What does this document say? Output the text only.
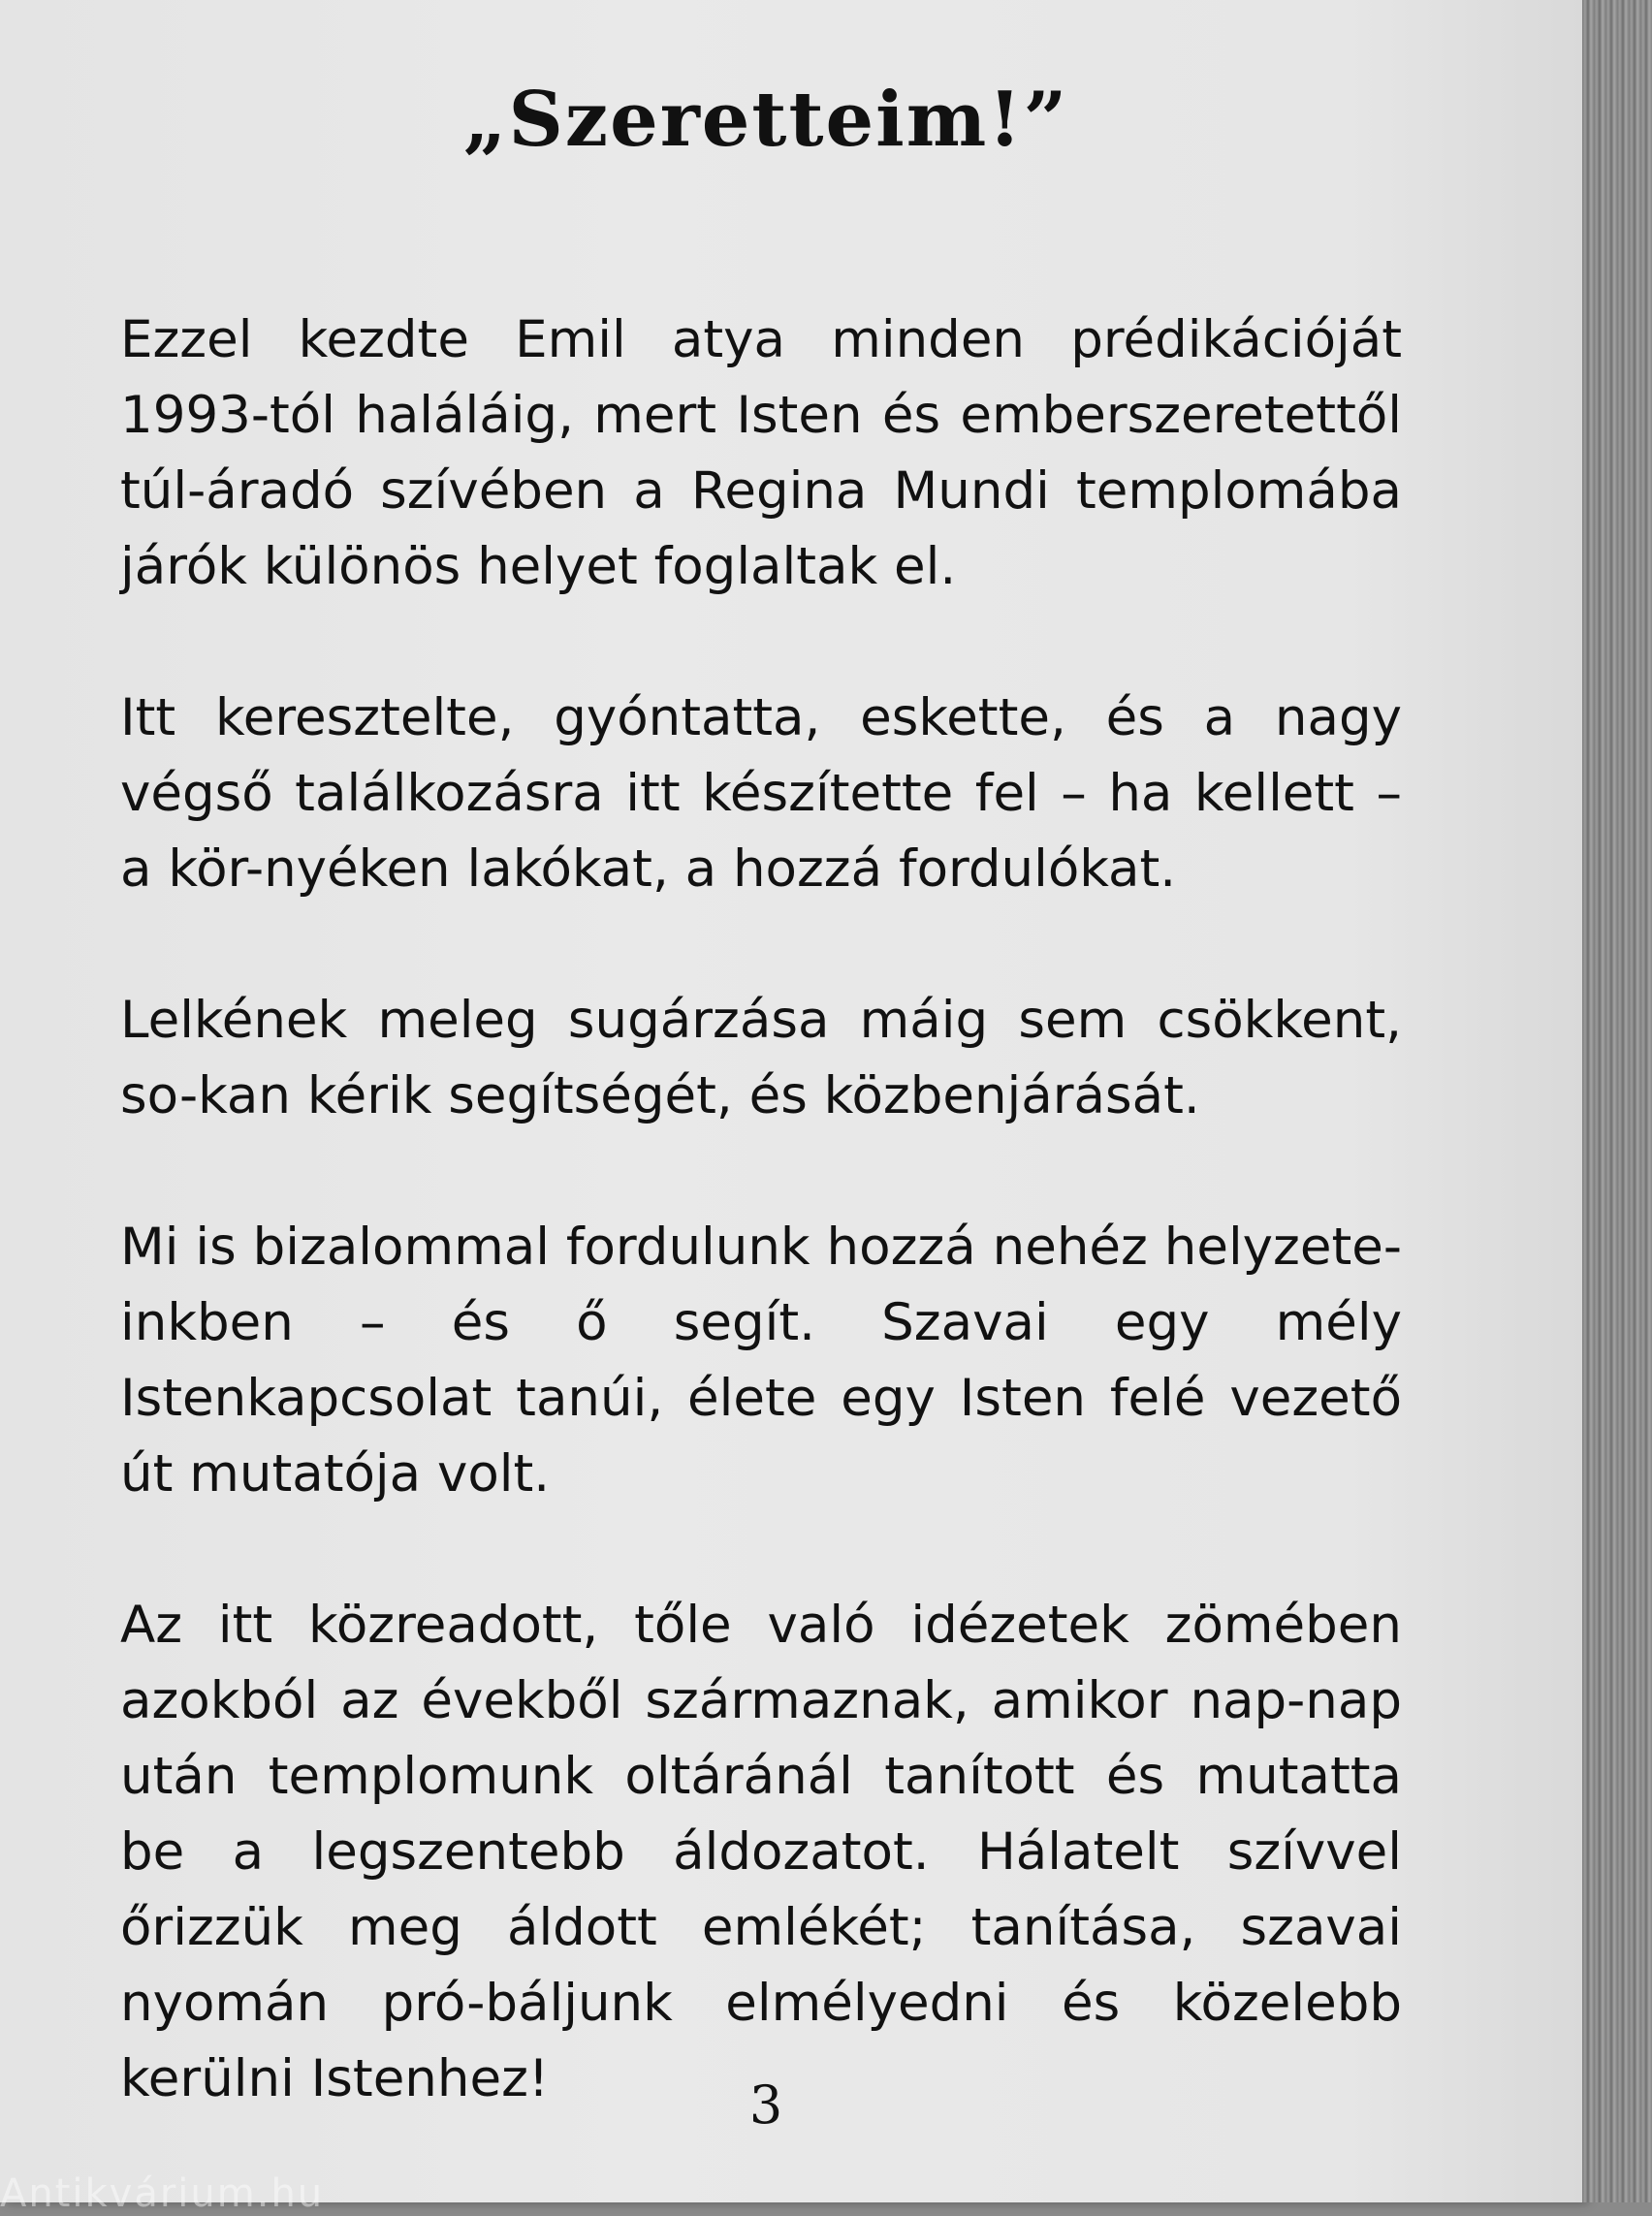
„Szeretteim!”

Ezzel kezdte Emil atya minden prédikációját 1993-tól haláláig, mert Isten és emberszeretettől túl-áradó szívében a Regina Mundi templomába járók különös helyet foglaltak el.

Itt keresztelte, gyóntatta, eskette, és a nagy végső találkozásra itt készítette fel – ha kellett – a kör-nyéken lakókat, a hozzá fordulókat.

Lelkének meleg sugárzása máig sem csökkent, so-kan kérik segítségét, és közbenjárását.

Mi is bizalommal fordulunk hozzá nehéz helyzete-inkben – és ő segít. Szavai egy mély Istenkapcsolat tanúi, élete egy Isten felé vezető út mutatója volt.

Az itt közreadott, tőle való idézetek zömében azokból az évekből származnak, amikor nap-nap után templomunk oltáránál tanított és mutatta be a legszentebb áldozatot. Hálatelt szívvel őrizzük meg áldott emlékét; tanítása, szavai nyomán pró-báljunk elmélyedni és közelebb kerülni Istenhez!	3
Antikvárium.hu
